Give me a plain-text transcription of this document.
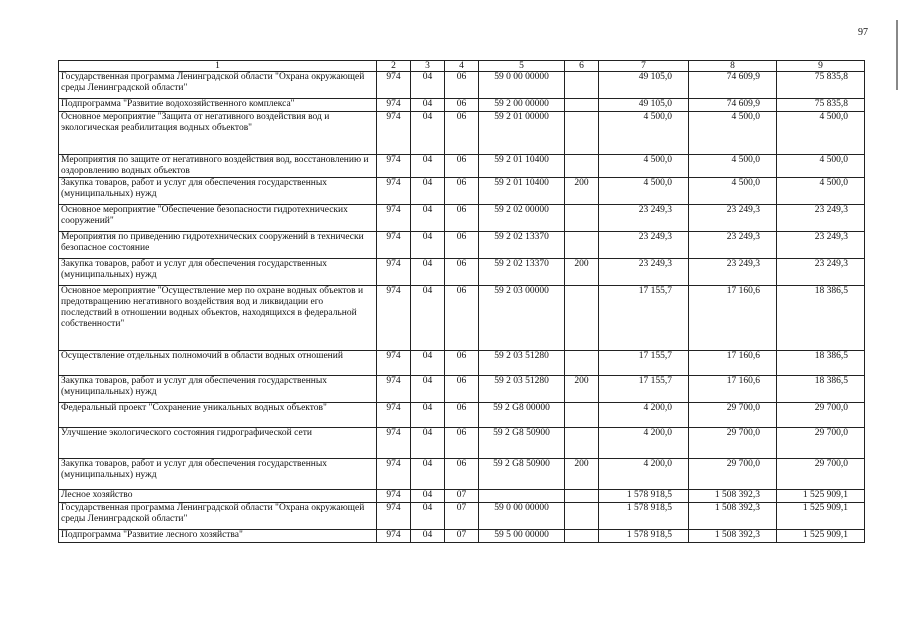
97
1	2	3	4	5	6	7	8	9
Государственная программа Ленинградской области "Охрана окружающей среды Ленинградской области"	974	04	06	59 0 00 00000		49 105,0	74 609,9	75 835,8
Подпрограмма "Развитие водохозяйственного комплекса"	974	04	06	59 2 00 00000		49 105,0	74 609,9	75 835,8
Основное мероприятие "Защита от негативного воздействия вод и экологическая реабилитация водных объектов"	974	04	06	59 2 01 00000		4 500,0	4 500,0	4 500,0
Мероприятия по защите от негативного воздействия вод, восстановлению и оздоровлению водных объектов	974	04	06	59 2 01 10400		4 500,0	4 500,0	4 500,0
Закупка товаров, работ и услуг для обеспечения государственных (муниципальных) нужд	974	04	06	59 2 01 10400	200	4 500,0	4 500,0	4 500,0
Основное мероприятие "Обеспечение безопасности гидротехнических сооружений"	974	04	06	59 2 02 00000		23 249,3	23 249,3	23 249,3
Мероприятия по приведению гидротехнических сооружений в технически безопасное состояние	974	04	06	59 2 02 13370		23 249,3	23 249,3	23 249,3
Закупка товаров, работ и услуг для обеспечения государственных (муниципальных) нужд	974	04	06	59 2 02 13370	200	23 249,3	23 249,3	23 249,3
Основное мероприятие "Осуществление мер по охране водных объектов и предотвращению негативного воздействия вод и ликвидации его последствий в отношении водных объектов, находящихся в федеральной собственности"	974	04	06	59 2 03 00000		17 155,7	17 160,6	18 386,5
Осуществление отдельных полномочий в области водных отношений	974	04	06	59 2 03 51280		17 155,7	17 160,6	18 386,5
Закупка товаров, работ и услуг для обеспечения государственных (муниципальных) нужд	974	04	06	59 2 03 51280	200	17 155,7	17 160,6	18 386,5
Федеральный проект "Сохранение уникальных водных объектов"	974	04	06	59 2 G8 00000		4 200,0	29 700,0	29 700,0
Улучшение экологического состояния гидрографической сети	974	04	06	59 2 G8 50900		4 200,0	29 700,0	29 700,0
Закупка товаров, работ и услуг для обеспечения государственных (муниципальных) нужд	974	04	06	59 2 G8 50900	200	4 200,0	29 700,0	29 700,0
Лесное хозяйство	974	04	07			1 578 918,5	1 508 392,3	1 525 909,1
Государственная программа Ленинградской области "Охрана окружающей среды Ленинградской области"	974	04	07	59 0 00 00000		1 578 918,5	1 508 392,3	1 525 909,1
Подпрограмма "Развитие лесного хозяйства"	974	04	07	59 5 00 00000		1 578 918,5	1 508 392,3	1 525 909,1
